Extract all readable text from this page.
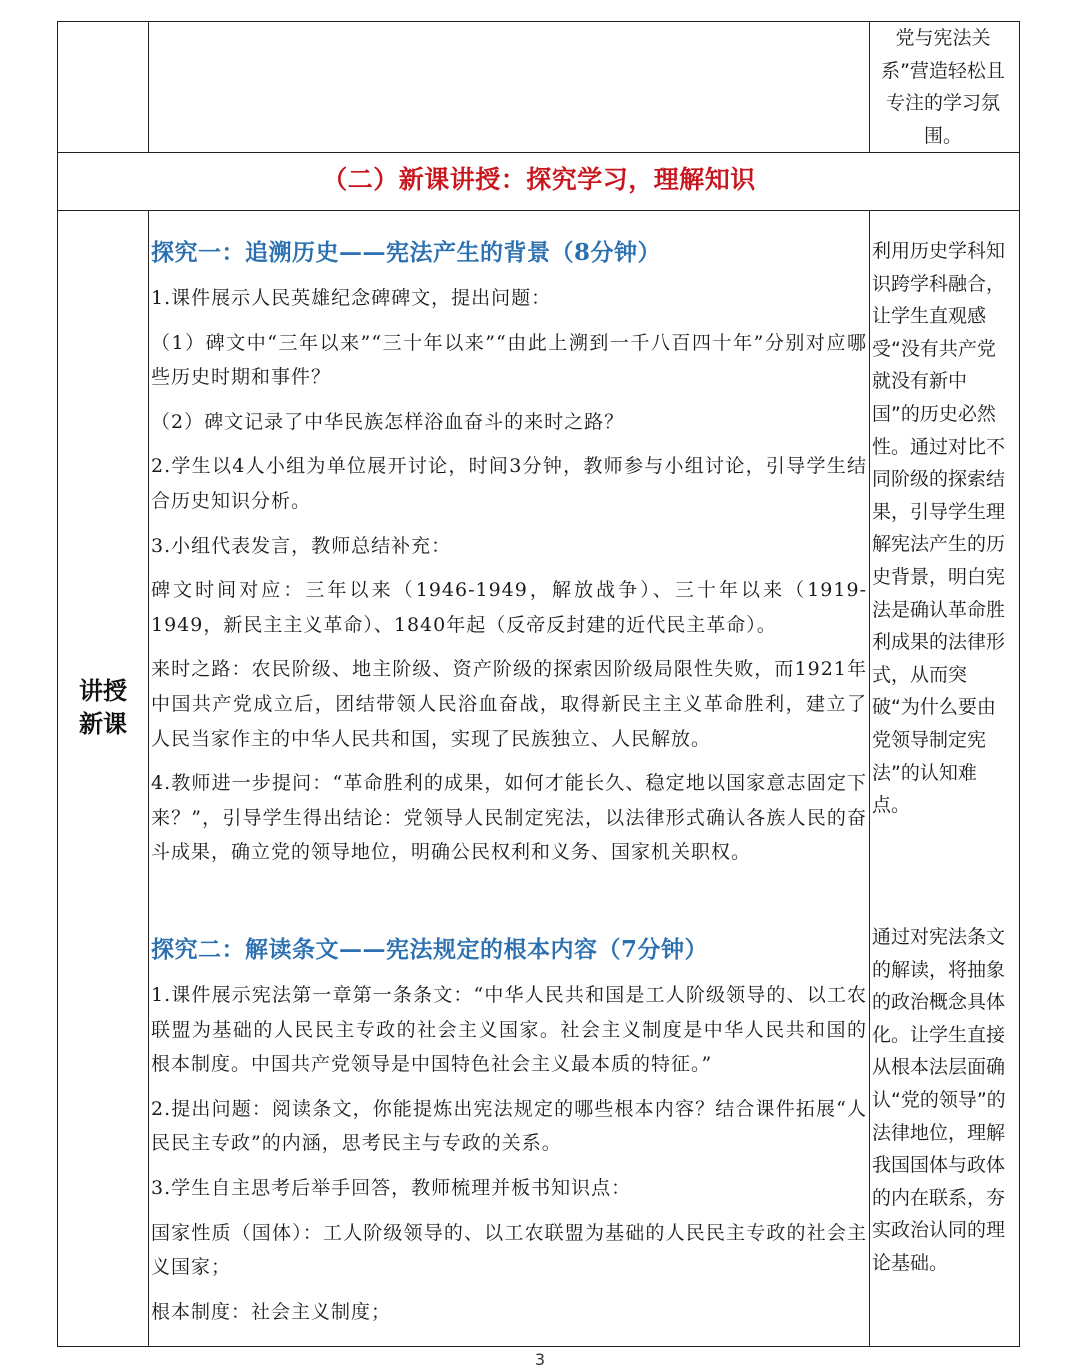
党与宪法关系”营造轻松且专注的学习氛围。
（二）新课讲授：探究学习，理解知识
讲授
新课
探究一：追溯历史——宪法产生的背景（8分钟）

1.课件展示人民英雄纪念碑碑文，提出问题：

（1）碑文中“三年以来”“三十年以来”“由此上溯到一千八百四十年”分别对应哪些历史时期和事件？

（2）碑文记录了中华民族怎样浴血奋斗的来时之路？

2.学生以4人小组为单位展开讨论，时间3分钟，教师参与小组讨论，引导学生结合历史知识分析。

3.小组代表发言，教师总结补充：

碑文时间对应：三年以来（1946-1949，解放战争）、三十年以来（1919-1949，新民主主义革命）、1840年起（反帝反封建的近代民主革命）。

来时之路：农民阶级、地主阶级、资产阶级的探索因阶级局限性失败，而1921年中国共产党成立后，团结带领人民浴血奋战，取得新民主主义革命胜利，建立了人民当家作主的中华人民共和国，实现了民族独立、人民解放。

4.教师进一步提问：“革命胜利的成果，如何才能长久、稳定地以国家意志固定下来？”，引导学生得出结论：党领导人民制定宪法，以法律形式确认各族人民的奋斗成果，确立党的领导地位，明确公民权利和义务、国家机关职权。

利用历史学科知识跨学科融合，让学生直观感受“没有共产党就没有新中国”的历史必然性。通过对比不同阶级的探索结果，引导学生理解宪法产生的历史背景，明白宪法是确认革命胜利成果的法律形式，从而突破“为什么要由党领导制定宪法”的认知难点。
探究二：解读条文——宪法规定的根本内容（7分钟）

1.课件展示宪法第一章第一条条文：“中华人民共和国是工人阶级领导的、以工农联盟为基础的人民民主专政的社会主义国家。社会主义制度是中华人民共和国的根本制度。中国共产党领导是中国特色社会主义最本质的特征。”

2.提出问题：阅读条文，你能提炼出宪法规定的哪些根本内容？结合课件拓展“人民民主专政”的内涵，思考民主与专政的关系。

3.学生自主思考后举手回答，教师梳理并板书知识点：

国家性质（国体）：工人阶级领导的、以工农联盟为基础的人民民主专政的社会主义国家；

根本制度：社会主义制度；

通过对宪法条文的解读，将抽象的政治概念具体化。让学生直接从根本法层面确认“党的领导”的法律地位，理解我国国体与政体的内在联系，夯实政治认同的理论基础。
3
